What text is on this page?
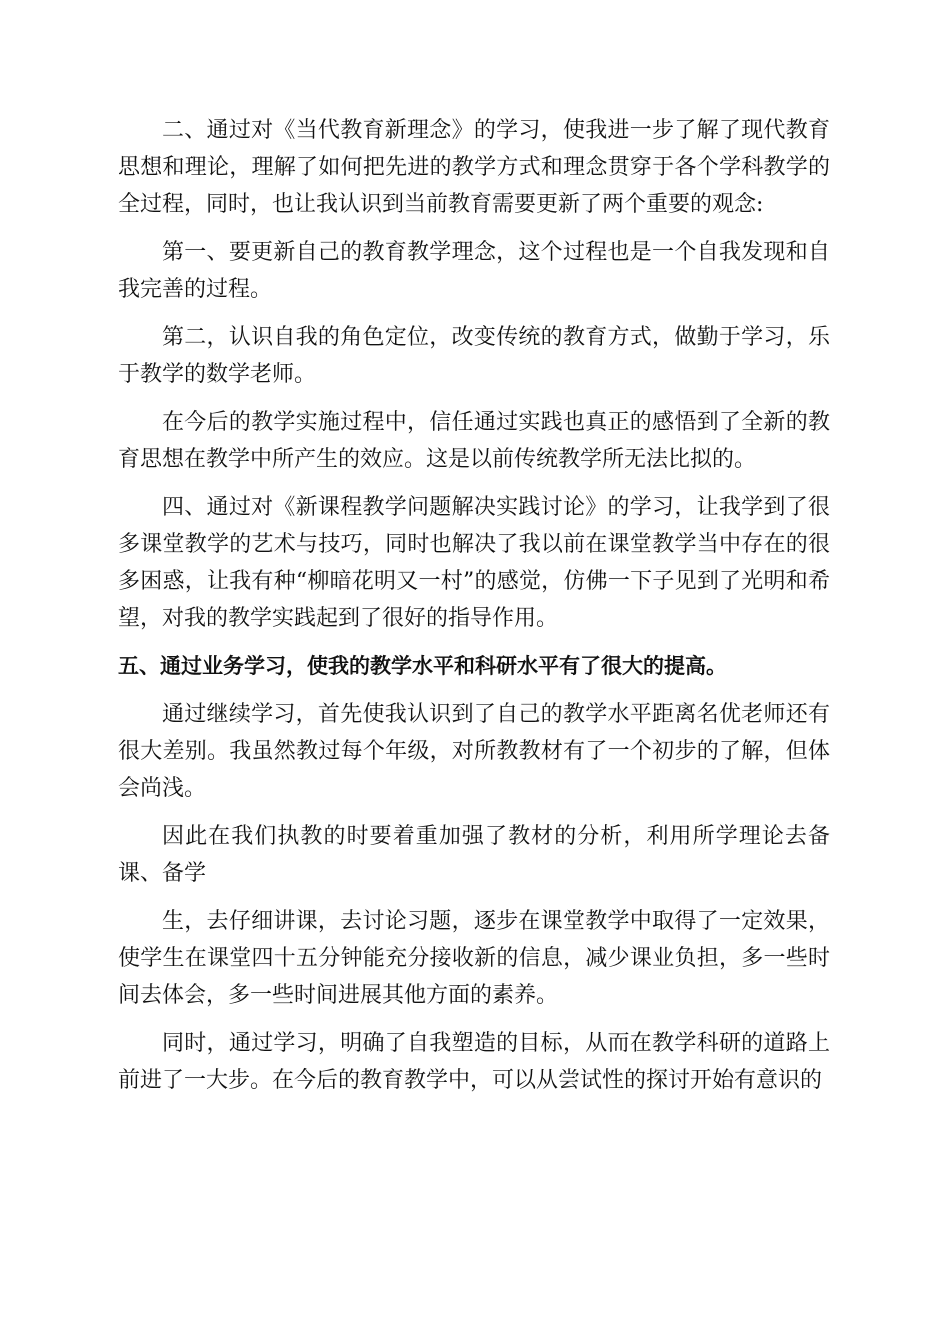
二、通过对《当代教育新理念》的学习，使我进一步了解了现代教育思想和理论，理解了如何把先进的教学方式和理念贯穿于各个学科教学的全过程，同时，也让我认识到当前教育需要更新了两个重要的观念:

第一、要更新自己的教育教学理念，这个过程也是一个自我发现和自我完善的过程。

第二，认识自我的角色定位，改变传统的教育方式，做勤于学习，乐于教学的数学老师。

在今后的教学实施过程中，信任通过实践也真正的感悟到了全新的教育思想在教学中所产生的效应。这是以前传统教学所无法比拟的。

四、通过对《新课程教学问题解决实践讨论》的学习，让我学到了很多课堂教学的艺术与技巧，同时也解决了我以前在课堂教学当中存在的很多困惑，让我有种“柳暗花明又一村”的感觉，仿佛一下子见到了光明和希望，对我的教学实践起到了很好的指导作用。

五、通过业务学习，使我的教学水平和科研水平有了很大的提高。

通过继续学习，首先使我认识到了自己的教学水平距离名优老师还有很大差别。我虽然教过每个年级，对所教教材有了一个初步的了解，但体会尚浅。

因此在我们执教的时要着重加强了教材的分析，利用所学理论去备课、备学

生，去仔细讲课，去讨论习题，逐步在课堂教学中取得了一定效果，使学生在课堂四十五分钟能充分接收新的信息，减少课业负担，多一些时间去体会，多一些时间进展其他方面的素养。

同时，通过学习，明确了自我塑造的目标，从而在教学科研的道路上前进了一大步。在今后的教育教学中，可以从尝试性的探讨开始有意识的
